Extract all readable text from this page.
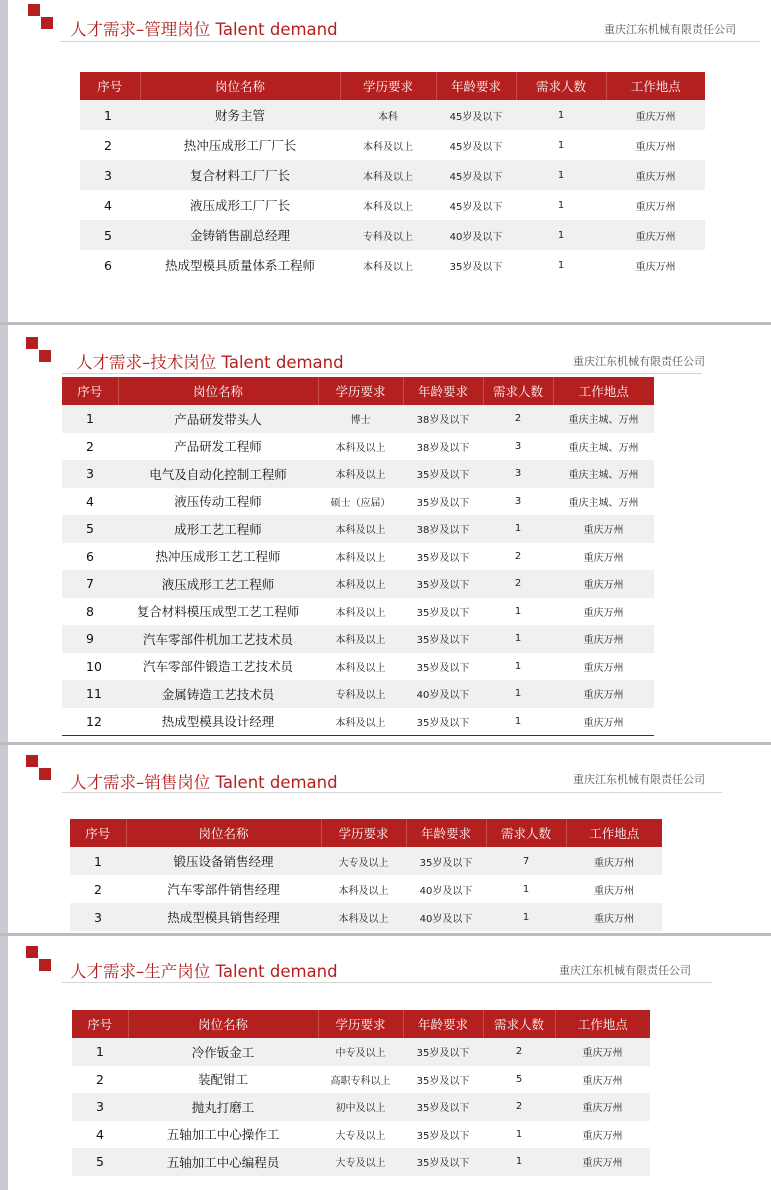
人才需求–管理岗位 Talent demand	重庆江东机械有限责任公司
序号	岗位名称	学历要求	年龄要求	需求人数	工作地点
1	财务主管	本科	45岁及以下	1	重庆万州
2	热冲压成形工厂厂长	本科及以上	45岁及以下	1	重庆万州
3	复合材料工厂厂长	本科及以上	45岁及以下	1	重庆万州
4	液压成形工厂厂长	本科及以上	45岁及以下	1	重庆万州
5	金铸销售副总经理	专科及以上	40岁及以下	1	重庆万州
6	热成型模具质量体系工程师	本科及以上	35岁及以下	1	重庆万州
人才需求–技术岗位 Talent demand	重庆江东机械有限责任公司
序号	岗位名称	学历要求	年龄要求	需求人数	工作地点
1	产品研发带头人	博士	38岁及以下	2	重庆主城、万州
2	产品研发工程师	本科及以上	38岁及以下	3	重庆主城、万州
3	电气及自动化控制工程师	本科及以上	35岁及以下	3	重庆主城、万州
4	液压传动工程师	硕士（应届）	35岁及以下	3	重庆主城、万州
5	成形工艺工程师	本科及以上	38岁及以下	1	重庆万州
6	热冲压成形工艺工程师	本科及以上	35岁及以下	2	重庆万州
7	液压成形工艺工程师	本科及以上	35岁及以下	2	重庆万州
8	复合材料模压成型工艺工程师	本科及以上	35岁及以下	1	重庆万州
9	汽车零部件机加工艺技术员	本科及以上	35岁及以下	1	重庆万州
10	汽车零部件锻造工艺技术员	本科及以上	35岁及以下	1	重庆万州
11	金属铸造工艺技术员	专科及以上	40岁及以下	1	重庆万州
12	热成型模具设计经理	本科及以上	35岁及以下	1	重庆万州
人才需求–销售岗位 Talent demand	重庆江东机械有限责任公司
序号	岗位名称	学历要求	年龄要求	需求人数	工作地点
1	锻压设备销售经理	大专及以上	35岁及以下	7	重庆万州
2	汽车零部件销售经理	本科及以上	40岁及以下	1	重庆万州
3	热成型模具销售经理	本科及以上	40岁及以下	1	重庆万州
人才需求–生产岗位 Talent demand	重庆江东机械有限责任公司
序号	岗位名称	学历要求	年龄要求	需求人数	工作地点
1	冷作钣金工	中专及以上	35岁及以下	2	重庆万州
2	装配钳工	高职专科以上	35岁及以下	5	重庆万州
3	抛丸打磨工	初中及以上	35岁及以下	2	重庆万州
4	五轴加工中心操作工	大专及以上	35岁及以下	1	重庆万州
5	五轴加工中心编程员	大专及以上	35岁及以下	1	重庆万州
